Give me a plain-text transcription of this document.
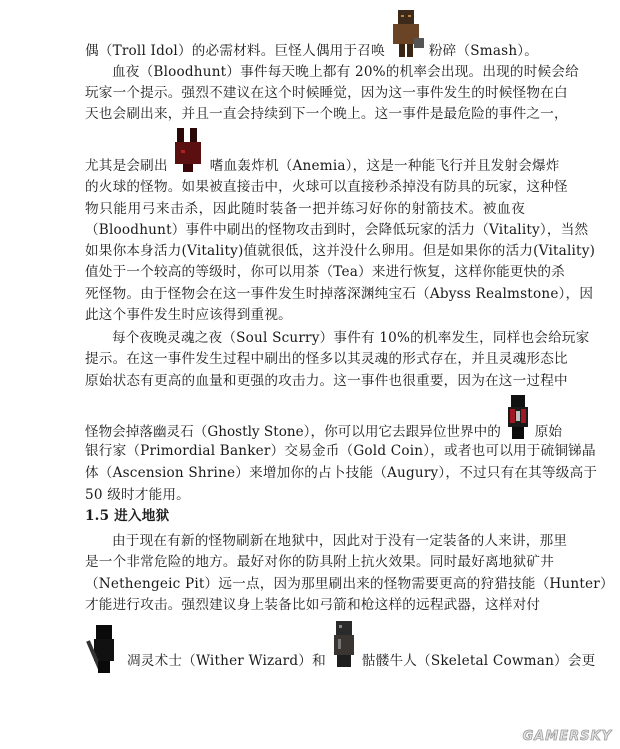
偶（Troll Idol）的必需材料。巨怪人偶用于召唤	粉碎（Smash）。
血夜（Bloodhunt）事件每天晚上都有 20%的机率会出现。出现的时候会给
玩家一个提示。强烈不建议在这个时候睡觉，因为这一事件发生的时候怪物在白
天也会刷出来，并且一直会持续到下一个晚上。这一事件是最危险的事件之一，
尤其是会刷出	嗜血轰炸机（Anemia），这是一种能飞行并且发射会爆炸
的火球的怪物。如果被直接击中，火球可以直接秒杀掉没有防具的玩家，这种怪
物只能用弓来击杀，因此随时装备一把并练习好你的射箭技术。被血夜
（Bloodhunt）事件中刷出的怪物攻击到时，会降低玩家的活力（Vitality），当然
如果你本身活力(Vitality)值就很低，这并没什么卵用。但是如果你的活力(Vitality)
值处于一个较高的等级时，你可以用茶（Tea）来进行恢复，这样你能更快的杀
死怪物。由于怪物会在这一事件发生时掉落深渊纯宝石（Abyss Realmstone），因
此这个事件发生时应该得到重视。
每个夜晚灵魂之夜（Soul Scurry）事件有 10%的机率发生，同样也会给玩家
提示。在这一事件发生过程中刷出的怪多以其灵魂的形式存在，并且灵魂形态比
原始状态有更高的血量和更强的攻击力。这一事件也很重要，因为在这一过程中
怪物会掉落幽灵石（Ghostly Stone），你可以用它去跟异位世界中的	原始
银行家（Primordial Banker）交易金币（Gold Coin），或者也可以用于硫铜锑晶
体（Ascension Shrine）来增加你的占卜技能（Augury），不过只有在其等级高于
50 级时才能用。
1.5 进入地狱
由于现在有新的怪物刷新在地狱中，因此对于没有一定装备的人来讲，那里
是一个非常危险的地方。最好对你的防具附上抗火效果。同时最好离地狱矿井
（Nethengeic Pit）远一点，因为那里刷出来的怪物需要更高的狩猎技能（Hunter）
才能进行攻击。强烈建议身上装备比如弓箭和枪这样的远程武器，这样对付
凋灵术士（Wither Wizard）和	骷髅牛人（Skeletal Cowman）会更
GAMERSKY
